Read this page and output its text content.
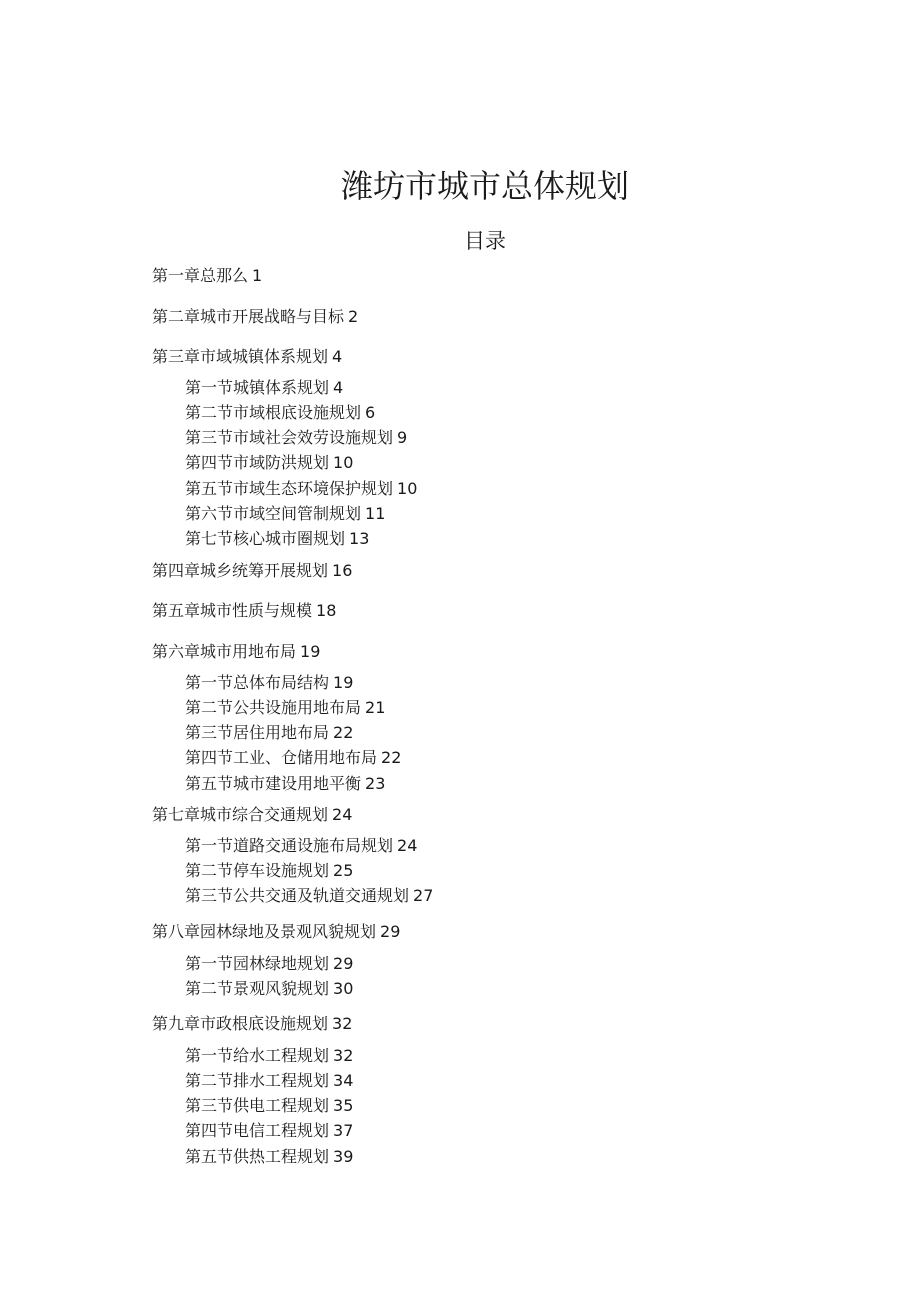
潍坊市城市总体规划
目录
第一章总那么 1
第二章城市开展战略与目标 2
第三章市域城镇体系规划 4
第一节城镇体系规划 4
第二节市域根底设施规划 6
第三节市域社会效劳设施规划 9
第四节市域防洪规划 10
第五节市域生态环境保护规划 10
第六节市域空间管制规划 11
第七节核心城市圈规划 13
第四章城乡统筹开展规划 16
第五章城市性质与规模 18
第六章城市用地布局 19
第一节总体布局结构 19
第二节公共设施用地布局 21
第三节居住用地布局 22
第四节工业、仓储用地布局 22
第五节城市建设用地平衡 23
第七章城市综合交通规划 24
第一节道路交通设施布局规划 24
第二节停车设施规划 25
第三节公共交通及轨道交通规划 27
第八章园林绿地及景观风貌规划 29
第一节园林绿地规划 29
第二节景观风貌规划 30
第九章市政根底设施规划 32
第一节给水工程规划 32
第二节排水工程规划 34
第三节供电工程规划 35
第四节电信工程规划 37
第五节供热工程规划 39
